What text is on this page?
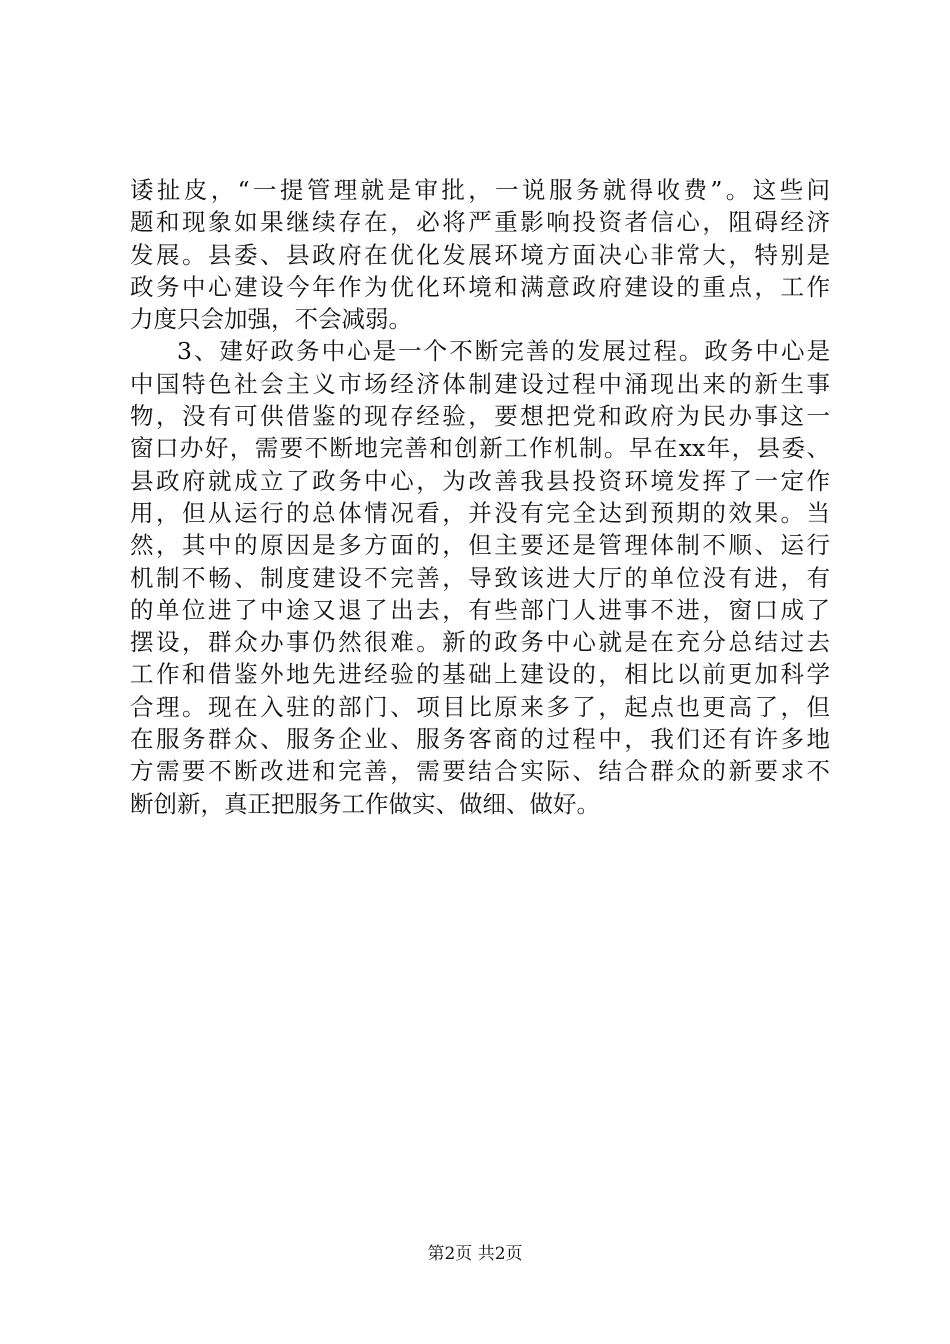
诿扯皮，“一提管理就是审批，一说服务就得收费”。这些问
题和现象如果继续存在，必将严重影响投资者信心，阻碍经济
发展。县委、县政府在优化发展环境方面决心非常大，特别是
政务中心建设今年作为优化环境和满意政府建设的重点，工作
力度只会加强，不会减弱。
3、建好政务中心是一个不断完善的发展过程。政务中心是
中国特色社会主义市场经济体制建设过程中涌现出来的新生事
物，没有可供借鉴的现存经验，要想把党和政府为民办事这一
窗口办好，需要不断地完善和创新工作机制。早在xx年，县委、
县政府就成立了政务中心，为改善我县投资环境发挥了一定作
用，但从运行的总体情况看，并没有完全达到预期的效果。当
然，其中的原因是多方面的，但主要还是管理体制不顺、运行
机制不畅、制度建设不完善，导致该进大厅的单位没有进，有
的单位进了中途又退了出去，有些部门人进事不进，窗口成了
摆设，群众办事仍然很难。新的政务中心就是在充分总结过去
工作和借鉴外地先进经验的基础上建设的，相比以前更加科学
合理。现在入驻的部门、项目比原来多了，起点也更高了，但
在服务群众、服务企业、服务客商的过程中，我们还有许多地
方需要不断改进和完善，需要结合实际、结合群众的新要求不
断创新，真正把服务工作做实、做细、做好。
第2页 共2页
